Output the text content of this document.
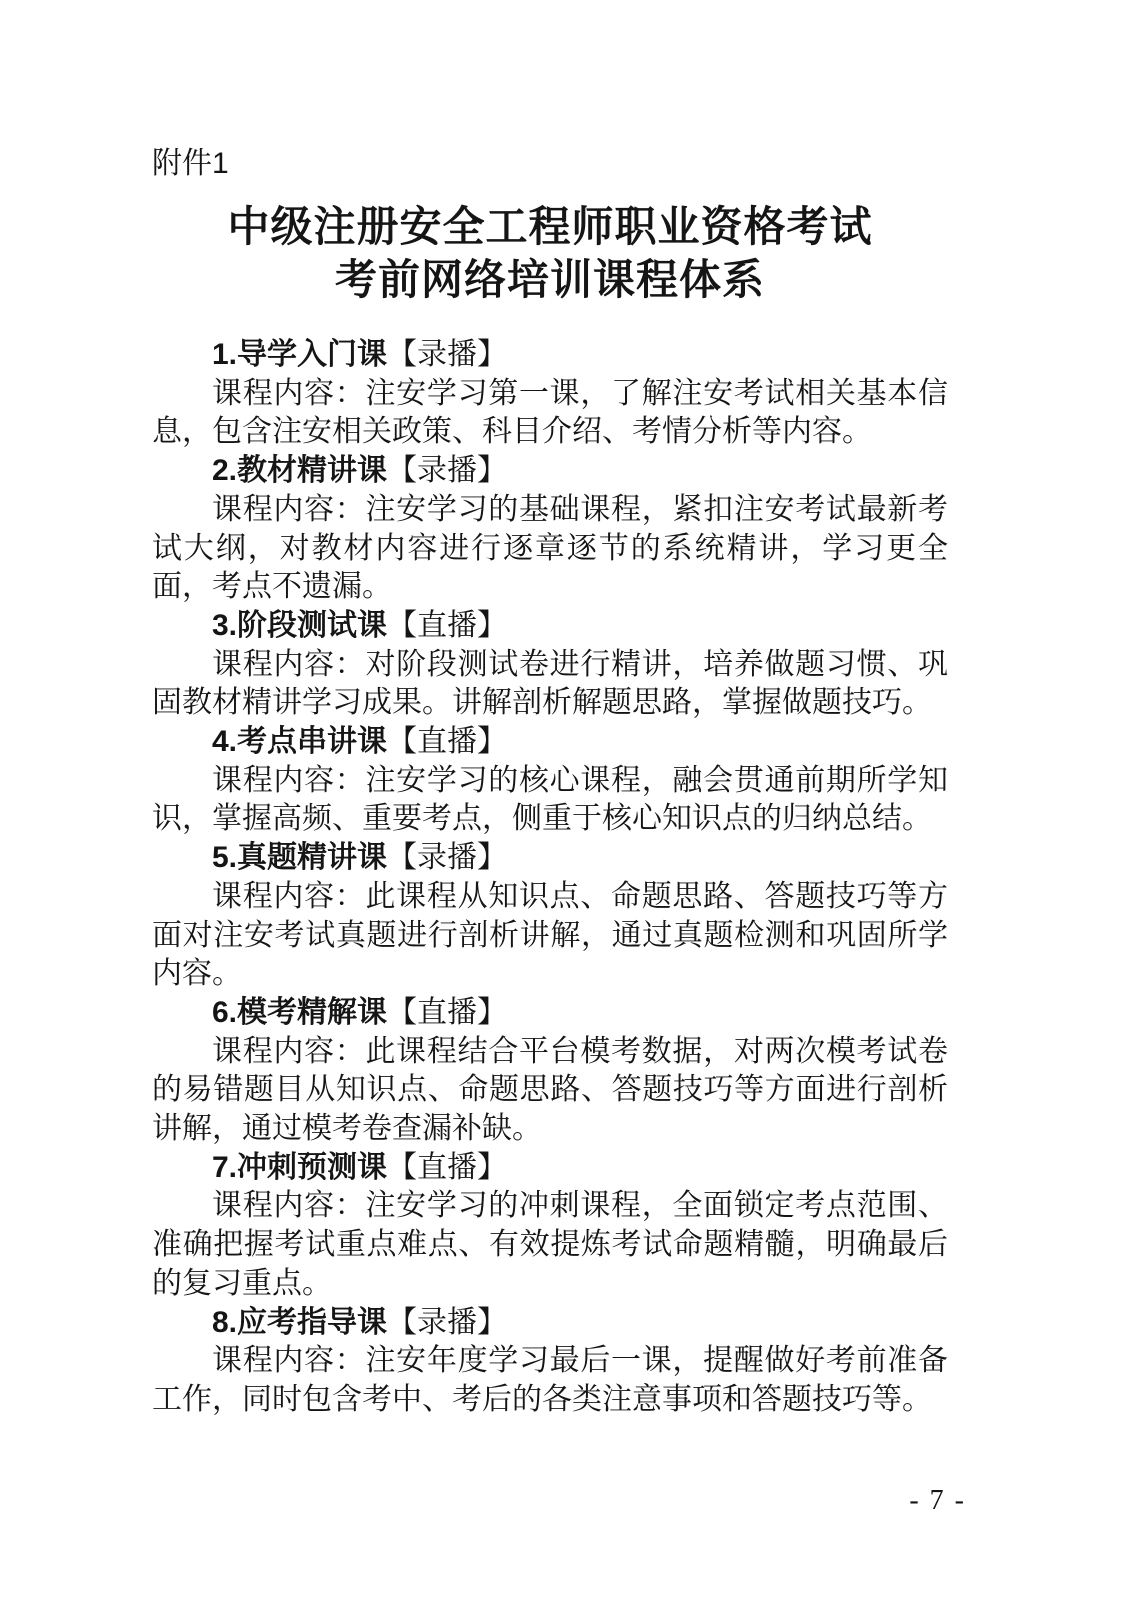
附件1
中级注册安全工程师职业资格考试
考前网络培训课程体系
1.导学入门课【录播】

课程内容：注安学习第一课，了解注安考试相关基本信息，包含注安相关政策、科目介绍、考情分析等内容。

2.教材精讲课【录播】

课程内容：注安学习的基础课程，紧扣注安考试最新考试大纲，对教材内容进行逐章逐节的系统精讲，学习更全面，考点不遗漏。

3.阶段测试课【直播】

课程内容：对阶段测试卷进行精讲，培养做题习惯、巩固教材精讲学习成果。讲解剖析解题思路，掌握做题技巧。

4.考点串讲课【直播】

课程内容：注安学习的核心课程，融会贯通前期所学知识，掌握高频、重要考点，侧重于核心知识点的归纳总结。

5.真题精讲课【录播】

课程内容：此课程从知识点、命题思路、答题技巧等方面对注安考试真题进行剖析讲解，通过真题检测和巩固所学内容。

6.模考精解课【直播】

课程内容：此课程结合平台模考数据，对两次模考试卷的易错题目从知识点、命题思路、答题技巧等方面进行剖析讲解，通过模考卷查漏补缺。

7.冲刺预测课【直播】

课程内容：注安学习的冲刺课程，全面锁定考点范围、准确把握考试重点难点、有效提炼考试命题精髓，明确最后的复习重点。

8.应考指导课【录播】

课程内容：注安年度学习最后一课，提醒做好考前准备工作，同时包含考中、考后的各类注意事项和答题技巧等。

- 7 -
